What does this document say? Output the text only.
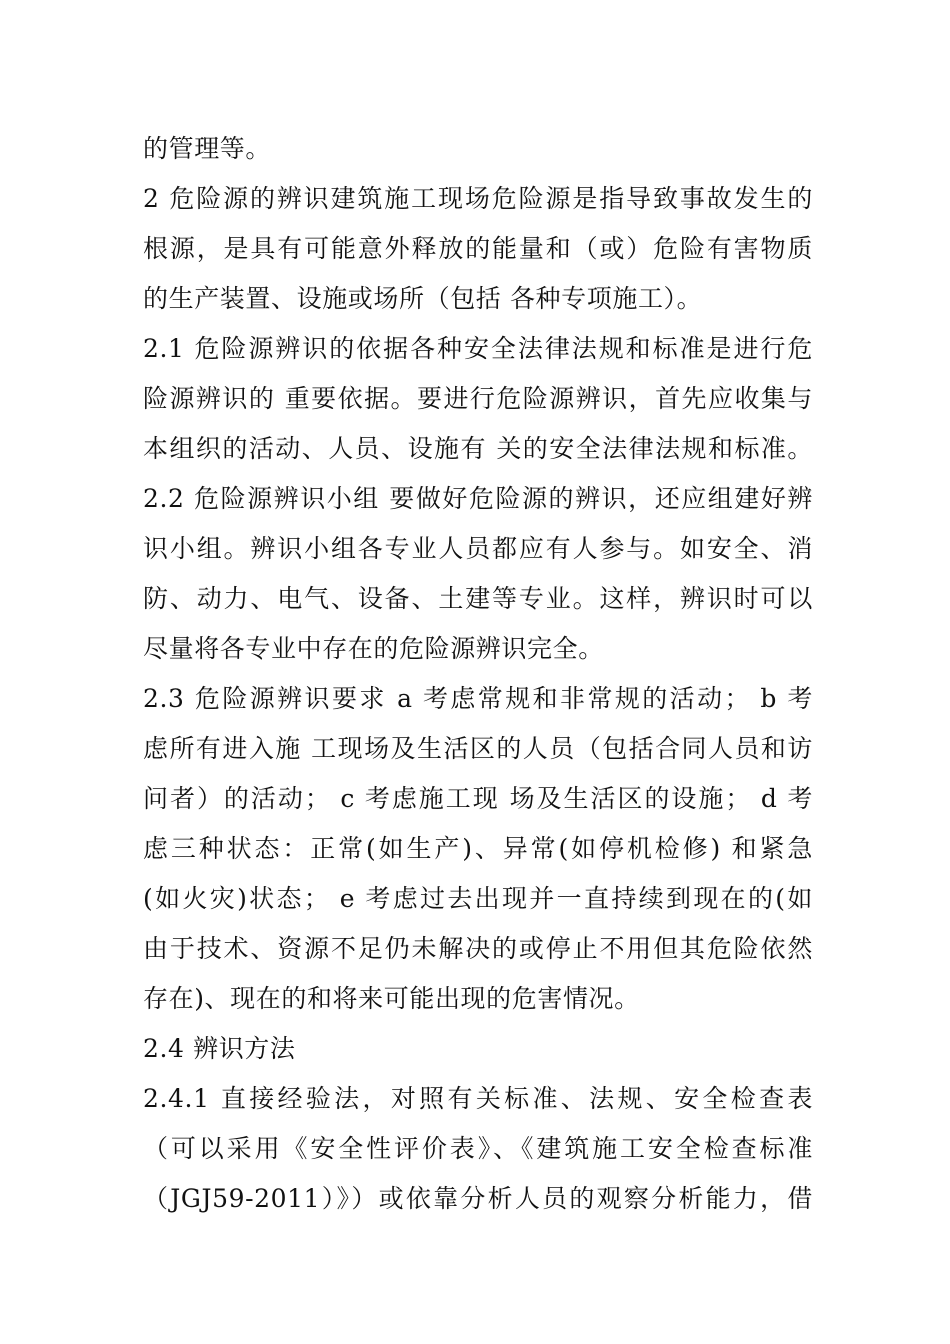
的管理等。
2 危险源的辨识建筑施工现场危险源是指导致事故发生的
根源，是具有可能意外释放的能量和（或）危险有害物质
的生产装置、设施或场所（包括 各种专项施工）。
2.1 危险源辨识的依据各种安全法律法规和标准是进行危
险源辨识的 重要依据。要进行危险源辨识，首先应收集与
本组织的活动、人员、设施有 关的安全法律法规和标准。
2.2 危险源辨识小组 要做好危险源的辨识，还应组建好辨
识小组。辨识小组各专业人员都应有人参与。如安全、消
防、动力、电气、设备、土建等专业。这样，辨识时可以
尽量将各专业中存在的危险源辨识完全。
2.3 危险源辨识要求 a 考虑常规和非常规的活动； b 考
虑所有进入施 工现场及生活区的人员（包括合同人员和访
问者）的活动； c 考虑施工现 场及生活区的设施； d 考
虑三种状态：正常(如生产)、异常(如停机检修) 和紧急
(如火灾)状态； e 考虑过去出现并一直持续到现在的(如
由于技术、资源不足仍未解决的或停止不用但其危险依然
存在)、现在的和将来可能出现的危害情况。
2.4 辨识方法
2.4.1 直接经验法，对照有关标准、法规、安全检查表
（可以采用《安全性评价表》、《建筑施工安全检查标准
（JGJ59-2011）》）或依靠分析人员的观察分析能力，借
